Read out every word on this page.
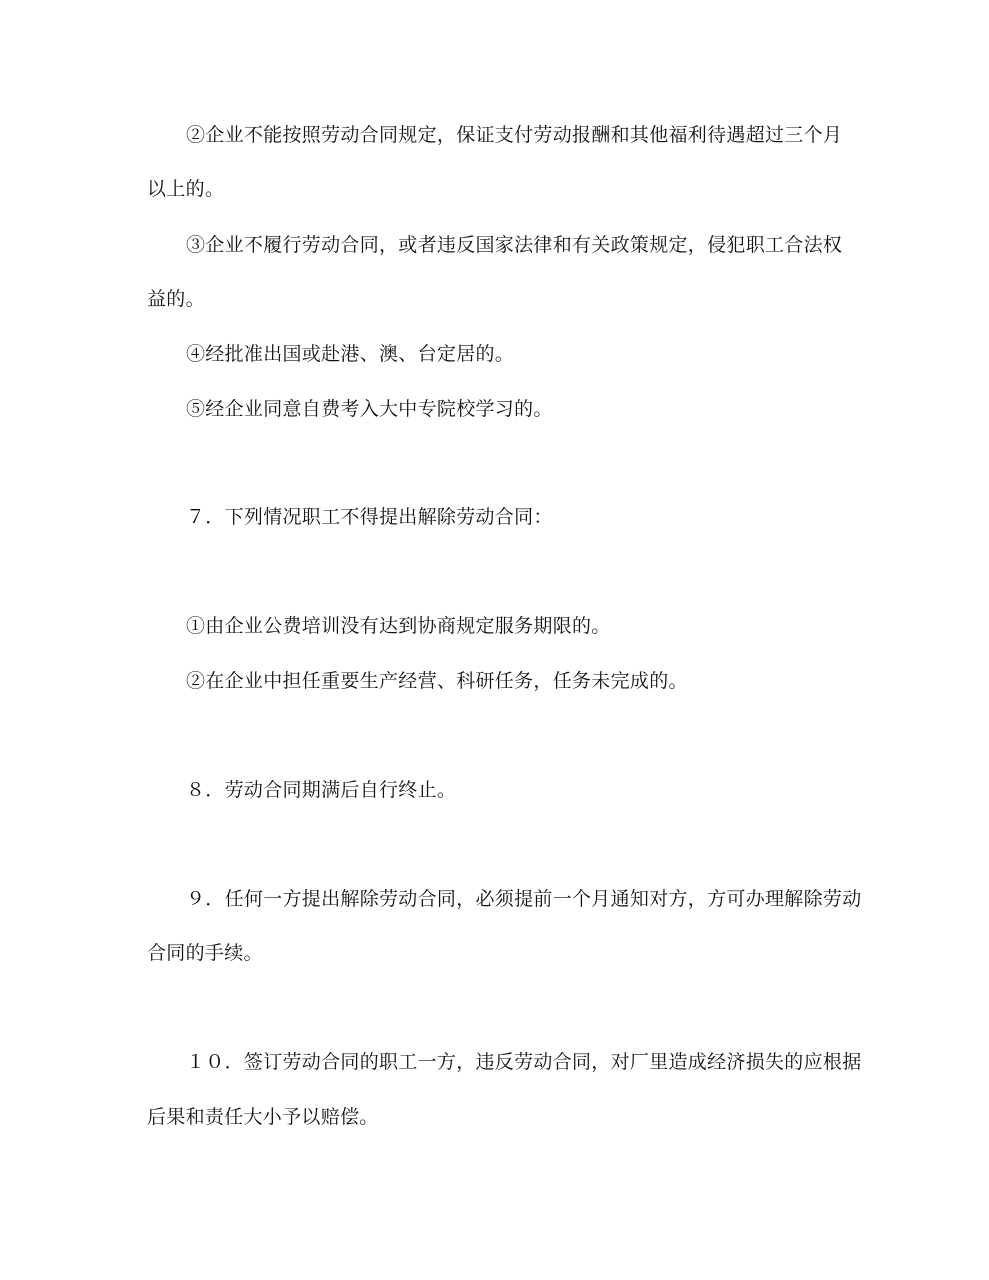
②企业不能按照劳动合同规定，保证支付劳动报酬和其他福利待遇超过三个月
以上的。
③企业不履行劳动合同，或者违反国家法律和有关政策规定，侵犯职工合法权
益的。
④经批准出国或赴港、澳、台定居的。
⑤经企业同意自费考入大中专院校学习的。
７．下列情况职工不得提出解除劳动合同：
①由企业公费培训没有达到协商规定服务期限的。
②在企业中担任重要生产经营、科研任务，任务未完成的。
８．劳动合同期满后自行终止。
９．任何一方提出解除劳动合同，必须提前一个月通知对方，方可办理解除劳动
合同的手续。
１０．签订劳动合同的职工一方，违反劳动合同，对厂里造成经济损失的应根据
后果和责任大小予以赔偿。
